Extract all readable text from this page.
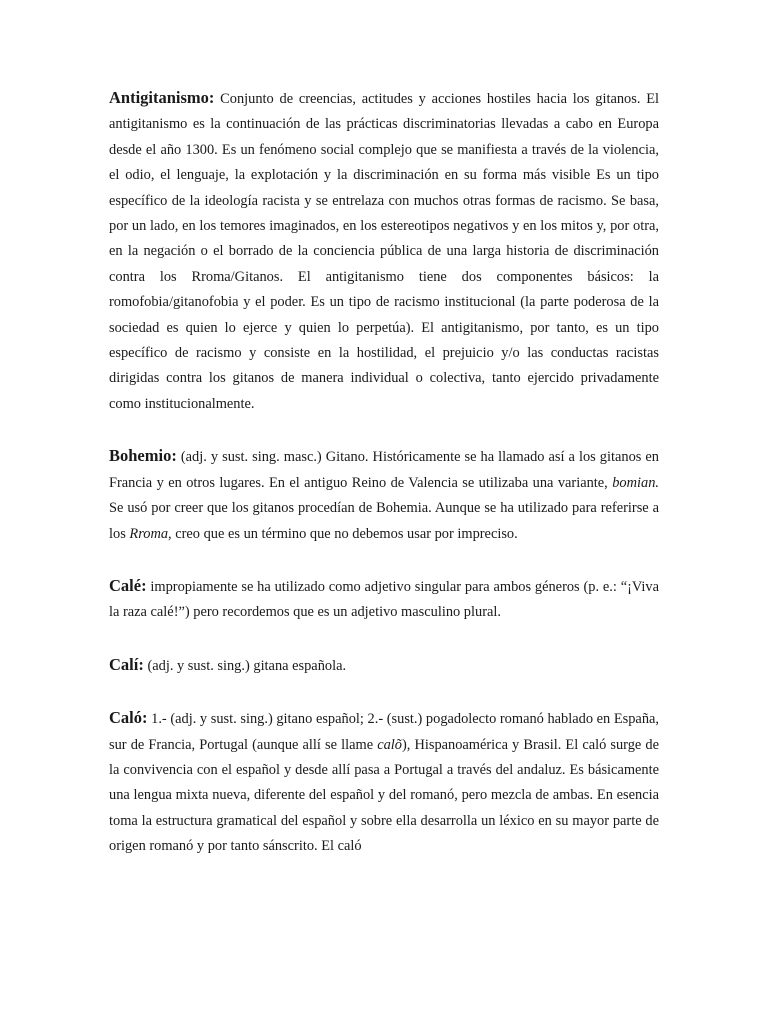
Antigitanismo: Conjunto de creencias, actitudes y acciones hostiles hacia los gitanos. El antigitanismo es la continuación de las prácticas discriminatorias llevadas a cabo en Europa desde el año 1300. Es un fenómeno social complejo que se manifiesta a través de la violencia, el odio, el lenguaje, la explotación y la discriminación en su forma más visible Es un tipo específico de la ideología racista y se entrelaza con muchos otras formas de racismo. Se basa, por un lado, en los temores imaginados, en los estereotipos negativos y en los mitos y, por otra, en la negación o el borrado de la conciencia pública de una larga historia de discriminación contra los Rroma/Gitanos. El antigitanismo tiene dos componentes básicos: la romofobia/gitanofobia y el poder. Es un tipo de racismo institucional (la parte poderosa de la sociedad es quien lo ejerce y quien lo perpetúa). El antigitanismo, por tanto, es un tipo específico de racismo y consiste en la hostilidad, el prejuicio y/o las conductas racistas dirigidas contra los gitanos de manera individual o colectiva, tanto ejercido privadamente como institucionalmente.

Bohemio: (adj. y sust. sing. masc.) Gitano. Históricamente se ha llamado así a los gitanos en Francia y en otros lugares. En el antiguo Reino de Valencia se utilizaba una variante, bomian. Se usó por creer que los gitanos procedían de Bohemia. Aunque se ha utilizado para referirse a los Rroma, creo que es un término que no debemos usar por impreciso.

Calé: impropiamente se ha utilizado como adjetivo singular para ambos géneros (p. e.: “¡Viva la raza calé!”) pero recordemos que es un adjetivo masculino plural.

Calí: (adj. y sust. sing.) gitana española.

Caló: 1.- (adj. y sust. sing.) gitano español; 2.- (sust.) pogadolecto romanó hablado en España, sur de Francia, Portugal (aunque allí se llame calõ), Hispanoamérica y Brasil. El caló surge de la convivencia con el español y desde allí pasa a Portugal a través del andaluz. Es básicamente una lengua mixta nueva, diferente del español y del romanó, pero mezcla de ambas. En esencia toma la estructura gramatical del español y sobre ella desarrolla un léxico en su mayor parte de origen romanó y por tanto sánscrito. El caló
